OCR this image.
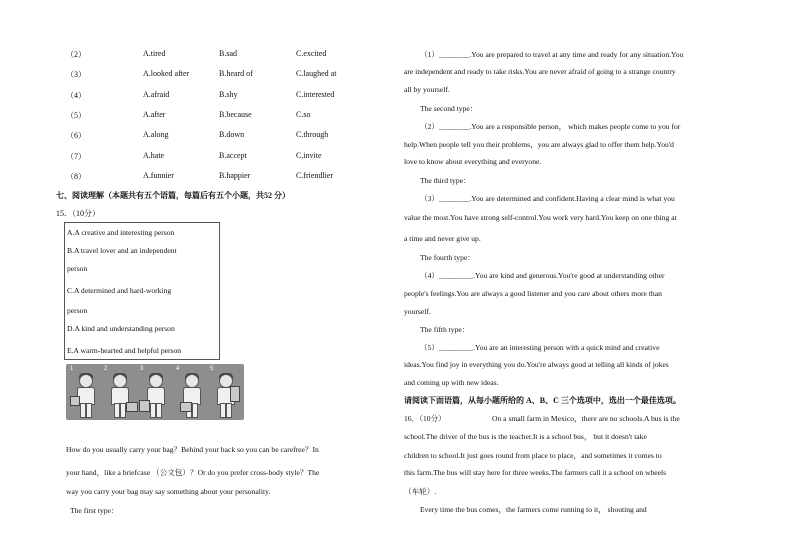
（2）	A.tired	B.sad	C.excited
（3）	A.looked after	B.heard of	C.laughed at
（4）	A.afraid	B.shy	C.interested
（5）	A.after	B.because	C.so
（6）	A.along	B.down	C.through
（7）	A.hate	B.accept	C.invite
（8）	A.funnier	B.happier	C.friendlier
七、阅读理解（本题共有五个语篇，每篇后有五个小题，共52 分）
15．（10分）
A.A creative and interesting person
B.A travel lover and an independent
person
C.A determined and hard-working
person
D.A kind and understanding person
E.A warm-hearted and helpful person
1	2	3	4	5
How do you usually carry your bag？Behind your back so you can be carefree？In
your hand，like a briefcase （公文包）？Or do you prefer cross-body style？The
way you carry your bag may say something about your personality.
The first type：
（1）________.You are prepared to travel at any time and ready for any situation.You
are independent and ready to take risks.You are never afraid of going to a strange country
all by yourself.
The second type：
（2）________.You are a responsible person， which makes people come to you for
help.When people tell you their problems，you are always glad to offer them help.You'd
love to know about everything and everyone.
The third type：
（3）________.You are determined and confident.Having a clear mind is what you
value the most.You have strong self-control.You work very hard.You keep on one thing at
a time and never give up.
The fourth type：
（4）_________.You are kind and generous.You're good at understanding other
people's feelings.You are always a good listener and you care about others more than
yourself.
The fifth type：
（5）_________.You are an interesting person with a quick mind and creative
ideas.You find joy in everything you do.You're always good at telling all kinds of jokes
and coming up with new ideas.
请阅读下面语篇，从每小题所给的 A、B、C 三个选项中，选出一个最佳选项。
16．（10分）	On a small farm in Mexico，there are no schools.A bus is the
school.The driver of the bus is the teacher.It is a school bus， but it doesn't take
children to school.It just goes round from place to place，and sometimes it comes to
this farm.The bus will stay here for three weeks.The farmers call it a school on wheels
（车轮）.
Every time the bus comes，the farmers come running to it， shouting and
